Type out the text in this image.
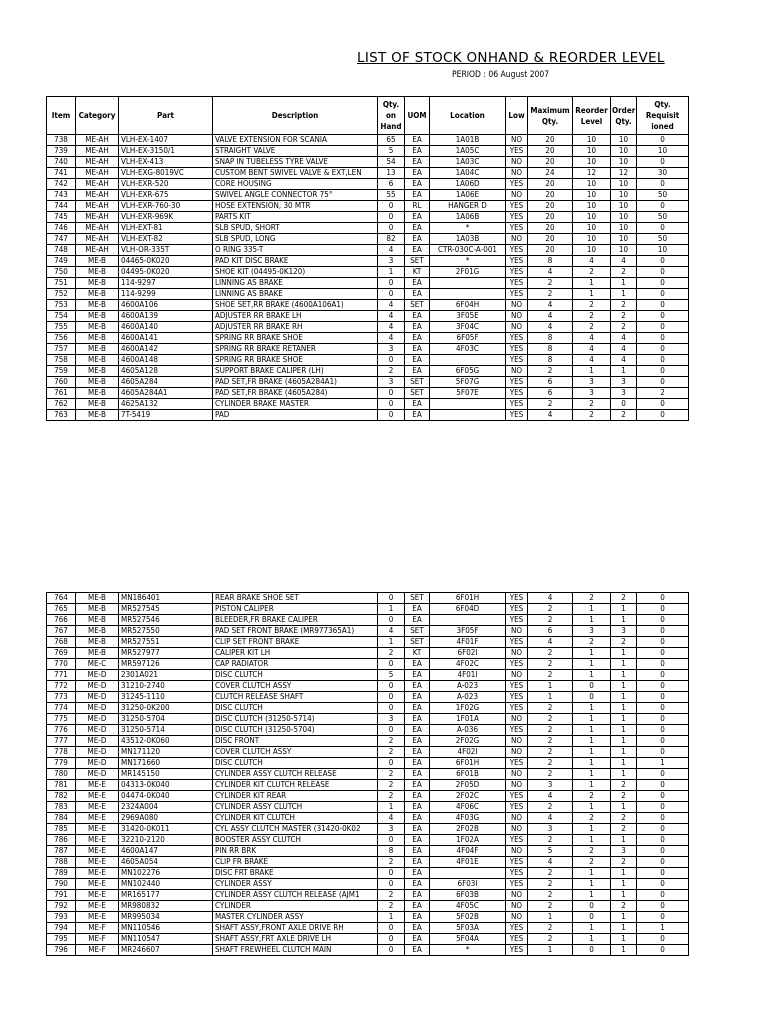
LIST OF STOCK ONHAND & REORDER LEVEL
PERIOD : 06 August 2007
Item	Category	Part	Description	Qty. on Hand	UOM	Location	Low	Maximum Qty.	Reorder Level	Order Qty.	Qty. Requisit ioned
738	ME-AH	VLH-EX-1407	VALVE EXTENSION FOR SCANIA	65	EA	1A01B	NO	20	10	10	0
739	ME-AH	VLH-EX-3150/1	STRAIGHT VALVE	5	EA	1A05C	YES	20	10	10	10
740	ME-AH	VLH-EX-413	SNAP IN TUBELESS TYRE VALVE	54	EA	1A03C	NO	20	10	10	0
741	ME-AH	VLH-EXG-8019VC	CUSTOM BENT SWIVEL VALVE & EXT,LEN	13	EA	1A04C	NO	24	12	12	30
742	ME-AH	VLH-EXR-520	CORE HOUSING	6	EA	1A06D	YES	20	10	10	0
743	ME-AH	VLH-EXR-675	SWIVEL ANGLE CONNECTOR 75°	55	EA	1A06E	NO	20	10	10	50
744	ME-AH	VLH-EXR-760-30	HOSE EXTENSION, 30 MTR	0	RL	HANGER D	YES	20	10	10	0
745	ME-AH	VLH-EXR-969K	PARTS KIT	0	EA	1A06B	YES	20	10	10	50
746	ME-AH	VLH-EXT-81	SLB SPUD, SHORT	0	EA	*	YES	20	10	10	0
747	ME-AH	VLH-EXT-82	SLB SPUD, LONG	82	EA	1A03B	NO	20	10	10	50
748	ME-AH	VLH-OR-335T	O RING 335-T	4	EA	CTR-030C-A-001	YES	20	10	10	10
749	ME-B	04465-0K020	PAD KIT DISC BRAKE	3	SET	*	YES	8	4	4	0
750	ME-B	04495-0K020	SHOE KIT (04495-0K120)	1	KT	2F01G	YES	4	2	2	0
751	ME-B	114-9297	LINNING AS BRAKE	0	EA		YES	2	1	1	0
752	ME-B	114-9299	LINNING AS BRAKE	0	EA		YES	2	1	1	0
753	ME-B	4600A106	SHOE SET,RR BRAKE (4600A106A1)	4	SET	6F04H	NO	4	2	2	0
754	ME-B	4600A139	ADJUSTER RR BRAKE LH	4	EA	3F05E	NO	4	2	2	0
755	ME-B	4600A140	ADJUSTER RR BRAKE RH	4	EA	3F04C	NO	4	2	2	0
756	ME-B	4600A141	SPRING RR BRAKE SHOE	4	EA	6F05F	YES	8	4	4	0
757	ME-B	4600A142	SPRING RR BRAKE RETANER	3	EA	4F03C	YES	8	4	4	0
758	ME-B	4600A148	SPRING RR BRAKE SHOE	0	EA		YES	8	4	4	0
759	ME-B	4605A128	SUPPORT BRAKE CALIPER (LH)	2	EA	6F05G	NO	2	1	1	0
760	ME-B	4605A284	PAD SET,FR BRAKE (4605A284A1)	3	SET	5F07G	YES	6	3	3	0
761	ME-B	4605A284A1	PAD SET,FR BRAKE (4605A284)	0	SET	5F07E	YES	6	3	3	2
762	ME-B	4625A132	CYLINDER BRAKE MASTER	0	EA		YES	2	2	0	0
763	ME-B	7T-5419	PAD	0	EA		YES	4	2	2	0
764	ME-B	MN186401	REAR BRAKE SHOE SET	0	SET	6F01H	YES	4	2	2	0
765	ME-B	MR527545	PISTON CALIPER	1	EA	6F04D	YES	2	1	1	0
766	ME-B	MR527546	BLEEDER,FR BRAKE CALIPER	0	EA		YES	2	1	1	0
767	ME-B	MR527550	PAD SET FRONT BRAKE (MR977365A1)	4	SET	3F05F	NO	6	3	3	0
768	ME-B	MR527551	CLIP SET FRONT BRAKE	1	SET	4F01F	YES	4	2	2	0
769	ME-B	MR527977	CALIPER KIT LH	2	KT	6F02I	NO	2	1	1	0
770	ME-C	MR597126	CAP RADIATOR	0	EA	4F02C	YES	2	1	1	0
771	ME-D	2301A021	DISC CLUTCH	5	EA	4F01I	NO	2	1	1	0
772	ME-D	31210-2740	COVER CLUTCH ASSY	0	EA	A-023	YES	1	0	1	0
773	ME-D	31245-1110	CLUTCH RELEASE SHAFT	0	EA	A-023	YES	1	0	1	0
774	ME-D	31250-0K200	DISC CLUTCH	0	EA	1F02G	YES	2	1	1	0
775	ME-D	31250-5704	DISC CLUTCH (31250-5714)	3	EA	1F01A	NO	2	1	1	0
776	ME-D	31250-5714	DISC CLUTCH (31250-5704)	0	EA	A-036	YES	2	1	1	0
777	ME-D	43512-0K060	DISC FRONT	2	EA	2F02G	NO	2	1	1	0
778	ME-D	MN171120	COVER CLUTCH ASSY	2	EA	4F02I	NO	2	1	1	0
779	ME-D	MN171660	DISC CLUTCH	0	EA	6F01H	YES	2	1	1	1
780	ME-D	MR145150	CYLINDER ASSY CLUTCH RELEASE	2	EA	6F01B	NO	2	1	1	0
781	ME-E	04313-0K040	CYLINDER KIT CLUTCH RELEASE	2	EA	2F05D	NO	3	1	2	0
782	ME-E	04474-0K040	CYLINDER KIT REAR	2	EA	2F02C	YES	4	2	2	0
783	ME-E	2324A004	CYLINDER ASSY CLUTCH	1	EA	4F06C	YES	2	1	1	0
784	ME-E	2969A080	CYLINDER KIT CLUTCH	4	EA	4F03G	NO	4	2	2	0
785	ME-E	31420-0K011	CYL ASSY CLUTCH MASTER (31420-0K02	3	EA	2F02B	NO	3	1	2	0
786	ME-E	32210-2120	BOOSTER ASSY CLUTCH	0	EA	1F02A	YES	2	1	1	0
787	ME-E	4600A147	PIN RR BRK	8	EA	4F04F	NO	5	2	3	0
788	ME-E	4605A054	CLIP FR BRAKE	2	EA	4F01E	YES	4	2	2	0
789	ME-E	MN102276	DISC FRT BRAKE	0	EA		YES	2	1	1	0
790	ME-E	MN102440	CYLINDER ASSY	0	EA	6F03I	YES	2	1	1	0
791	ME-E	MR165177	CYLINDER ASSY CLUTCH RELEASE (AJM1	2	EA	6F03B	NO	2	1	1	0
792	ME-E	MR980832	CYLINDER	2	EA	4F05C	NO	2	0	2	0
793	ME-E	MR995034	MASTER CYLINDER ASSY	1	EA	5F02B	NO	1	0	1	0
794	ME-F	MN110546	SHAFT ASSY,FRONT AXLE DRIVE RH	0	EA	5F03A	YES	2	1	1	1
795	ME-F	MN110547	SHAFT ASSY,FRT AXLE DRIVE LH	0	EA	5F04A	YES	2	1	1	0
796	ME-F	MR246607	SHAFT FREWHEEL CLUTCH MAIN	0	EA	*	YES	1	0	1	0
